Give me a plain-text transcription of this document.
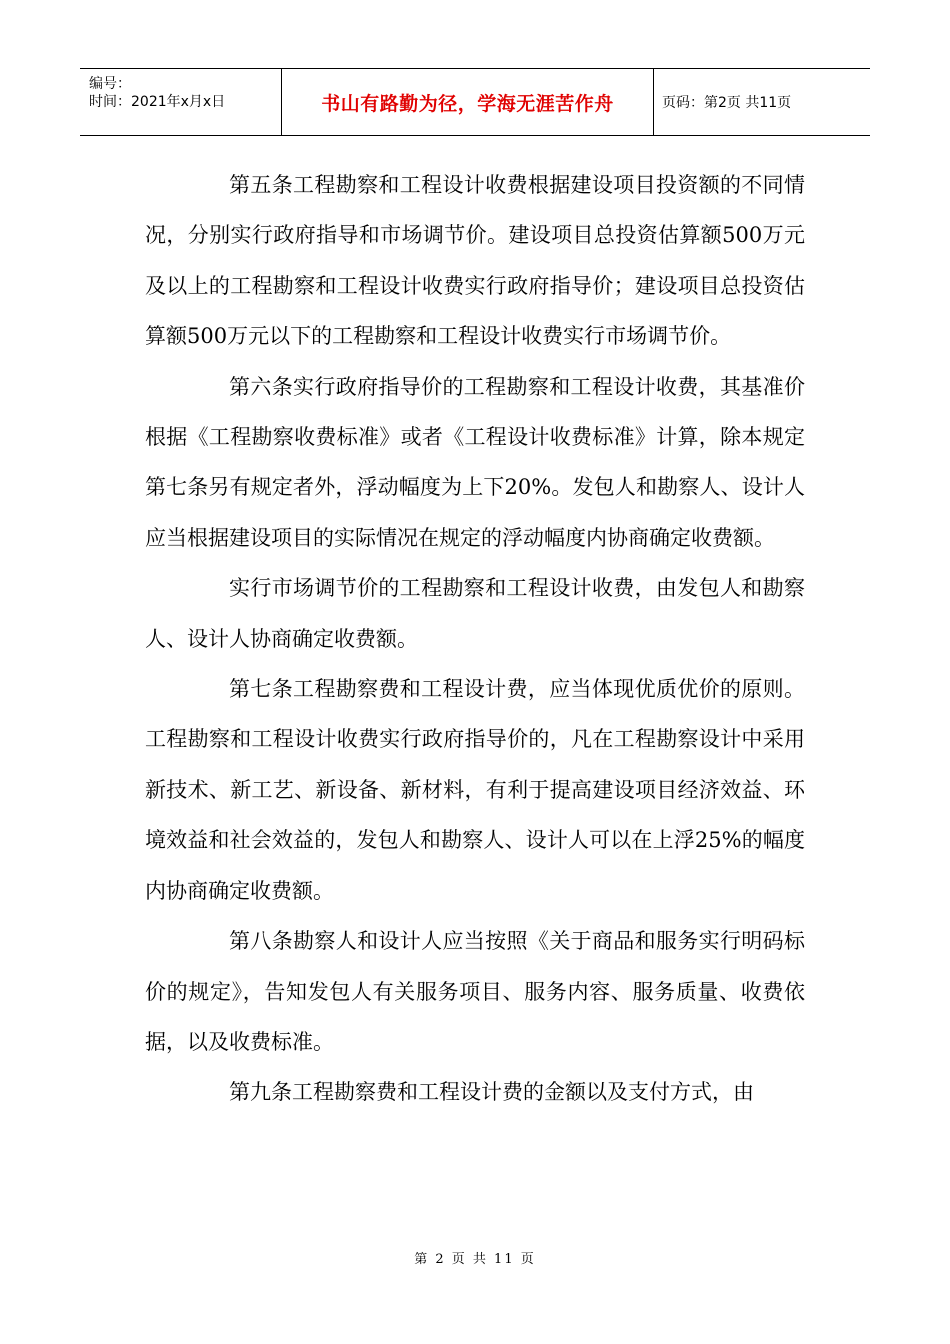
编号：
时间：2021年x月x日	书山有路勤为径，学海无涯苦作舟	页码：第2页 共11页

第五条工程勘察和工程设计收费根据建设项目投资额的不同情况，分别实行政府指导和市场调节价。建设项目总投资估算额500万元及以上的工程勘察和工程设计收费实行政府指导价；建设项目总投资估算额500万元以下的工程勘察和工程设计收费实行市场调节价。

第六条实行政府指导价的工程勘察和工程设计收费，其基准价根据《工程勘察收费标准》或者《工程设计收费标准》计算，除本规定第七条另有规定者外，浮动幅度为上下20%。发包人和勘察人、设计人应当根据建设项目的实际情况在规定的浮动幅度内协商确定收费额。

实行市场调节价的工程勘察和工程设计收费，由发包人和勘察人、设计人协商确定收费额。

第七条工程勘察费和工程设计费，应当体现优质优价的原则。工程勘察和工程设计收费实行政府指导价的，凡在工程勘察设计中采用新技术、新工艺、新设备、新材料，有利于提高建设项目经济效益、环境效益和社会效益的，发包人和勘察人、设计人可以在上浮25%的幅度内协商确定收费额。

第八条勘察人和设计人应当按照《关于商品和服务实行明码标价的规定》，告知发包人有关服务项目、服务内容、服务质量、收费依据，以及收费标准。

第九条工程勘察费和工程设计费的金额以及支付方式，由

第 2 页 共 11 页
